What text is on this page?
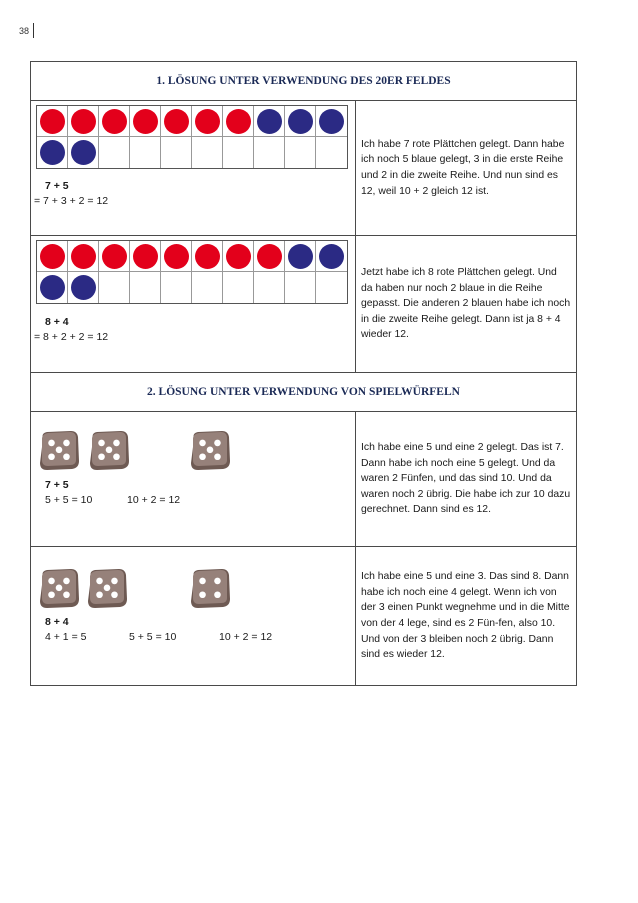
38
1. LÖSUNG UNTER VERWENDUNG DES 20ER FELDES
7 + 5
= 7 + 3 + 2 = 12

Ich habe 7 rote Plättchen gelegt. Dann habe ich noch 5 blaue gelegt, 3 in die erste Reihe und 2 in die zweite Reihe. Und nun sind es 12, weil 10 + 2 gleich 12 ist.

8 + 4
= 8 + 2 + 2 = 12

Jetzt habe ich 8 rote Plättchen gelegt. Und da haben nur noch 2 blaue in die Reihe gepasst. Die anderen 2 blauen habe ich noch in die zweite Reihe gelegt. Dann ist ja 8 + 4 wieder 12.

2. LÖSUNG UNTER VERWENDUNG VON SPIELWÜRFELN
7 + 5
5 + 5 = 10	10 + 2 = 12

Ich habe eine 5 und eine 2 gelegt. Das ist 7. Dann habe ich noch eine 5 gelegt. Und da waren 2 Fünfen, und das sind 10. Und da waren noch 2 übrig. Die habe ich zur 10 dazu gerechnet. Dann sind es 12.

8 + 4
4 + 1 = 5	5 + 5 = 10	10 + 2 = 12

Ich habe eine 5 und eine 3. Das sind 8. Dann habe ich noch eine 4 gelegt. Wenn ich von der 3 einen Punkt wegnehme und in die Mitte von der 4 lege, sind es 2 Fün-fen, also 10. Und von der 3 bleiben noch 2 übrig. Dann sind es wieder 12.
